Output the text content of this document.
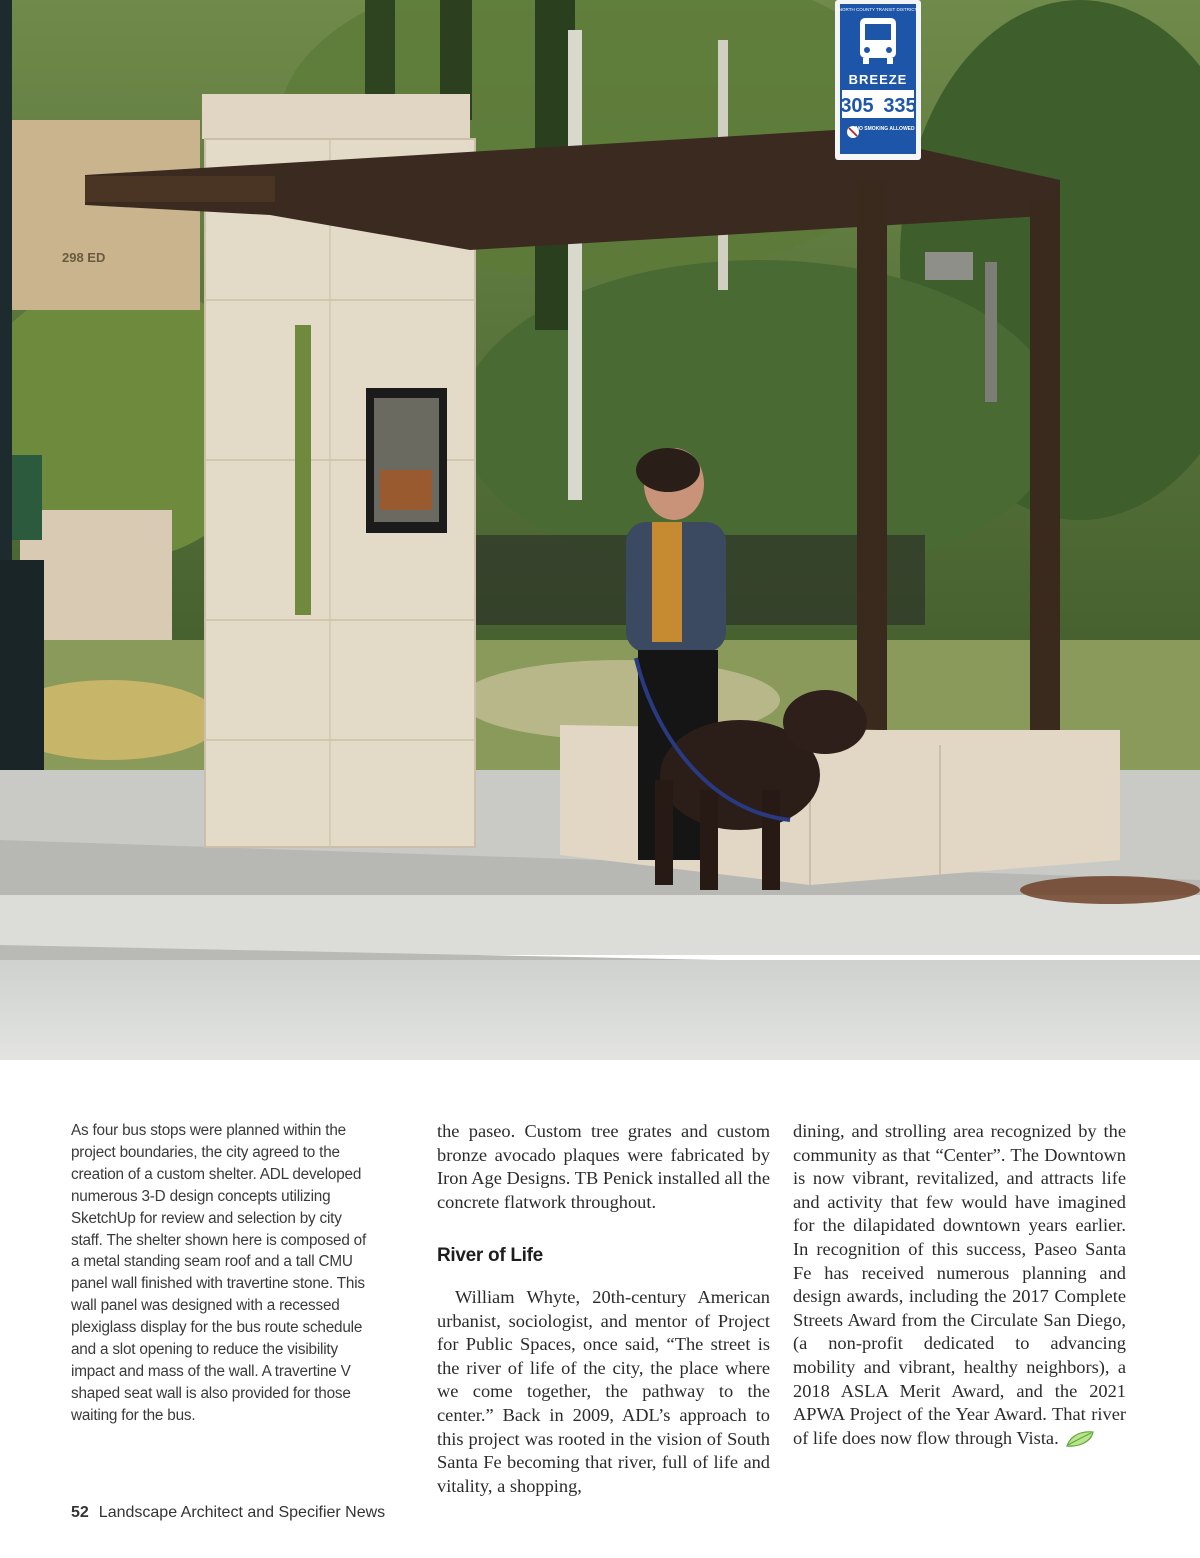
298 ED
NORTH COUNTY TRANSIT DISTRICT
BREEZE
305 335
NO SMOKING ALLOWED
As four bus stops were planned within the project boundaries, the city agreed to the creation of a custom shelter. ADL developed numerous 3-D design concepts utilizing SketchUp for review and selection by city staff. The shelter shown here is composed of a metal standing seam roof and a tall CMU panel wall finished with travertine stone. This wall panel was designed with a recessed plexiglass display for the bus route schedule and a slot opening to reduce the visibility impact and mass of the wall. A travertine V shaped seat wall is also provided for those waiting for the bus.

the paseo. Custom tree grates and custom bronze avocado plaques were fabricated by Iron Age Designs. TB Penick installed all the concrete flatwork throughout.

River of Life

William Whyte, 20th-century American urbanist, sociologist, and mentor of Project for Public Spaces, once said, “The street is the river of life of the city, the place where we come together, the pathway to the center.” Back in 2009, ADL’s approach to this project was rooted in the vision of South Santa Fe becoming that river, full of life and vitality, a shopping,

dining, and strolling area recognized by the community as that “Center”. The Downtown is now vibrant, revitalized, and attracts life and activity that few would have imagined for the dilapidated downtown years earlier. In recognition of this success, Paseo Santa Fe has received numerous planning and design awards, including the 2017 Complete Streets Award from the Circulate San Diego, (a non-profit dedicated to advancing mobility and vibrant, healthy neighbors), a 2018 ASLA Merit Award, and the 2021 APWA Project of the Year Award. That river of life does now flow through Vista.

52 Landscape Architect and Specifier News
